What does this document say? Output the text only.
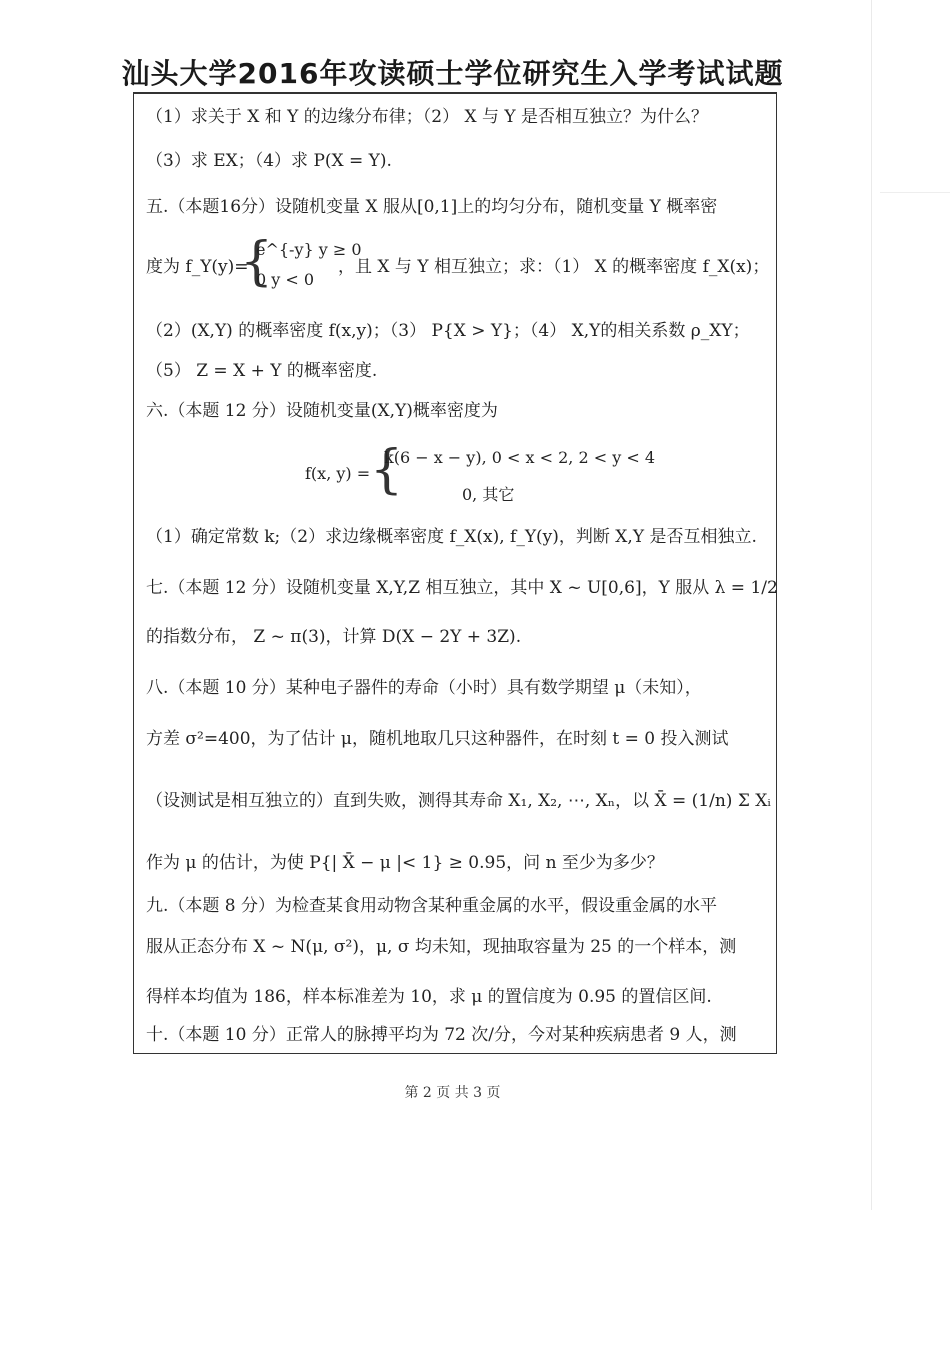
汕头大学2016年攻读硕士学位研究生入学考试试题
（1）求关于 X 和 Y 的边缘分布律；（2） X 与 Y 是否相互独立？为什么？
（3）求 EX；（4）求 P(X = Y).
五.（本题16分）设随机变量 X 服从[0,1]上的均匀分布，随机变量 Y 概率密
度为 f_Y(y)=
{
e^{-y} y ≥ 0
0 y < 0
，且 X 与 Y 相互独立；求：（1） X 的概率密度 f_X(x)；
（2）(X,Y) 的概率密度 f(x,y)；（3） P{X > Y}；（4） X,Y的相关系数 ρ_XY；
（5） Z = X + Y 的概率密度.
六.（本题 12 分）设随机变量(X,Y)概率密度为
f(x, y) = {
k(6 − x − y), 0 < x < 2, 2 < y < 4
0, 其它
（1）确定常数 k;（2）求边缘概率密度 f_X(x), f_Y(y)，判断 X,Y 是否互相独立.
七.（本题 12 分）设随机变量 X,Y,Z 相互独立，其中 X ~ U[0,6]，Y 服从 λ = 1/2
的指数分布， Z ~ π(3)，计算 D(X − 2Y + 3Z).
八.（本题 10 分）某种电子器件的寿命（小时）具有数学期望 μ（未知），
方差 σ²=400，为了估计 μ，随机地取几只这种器件，在时刻 t = 0 投入测试
（设测试是相互独立的）直到失败，测得其寿命 X₁, X₂, ⋯, Xₙ，以 X̄ = (1/n) Σ Xᵢ
作为 μ 的估计，为使 P{| X̄ − μ |< 1} ≥ 0.95，问 n 至少为多少？
九.（本题 8 分）为检查某食用动物含某种重金属的水平，假设重金属的水平
服从正态分布 X ~ N(μ, σ²)，μ, σ 均未知，现抽取容量为 25 的一个样本，测
得样本均值为 186，样本标准差为 10，求 μ 的置信度为 0.95 的置信区间.
十.（本题 10 分）正常人的脉搏平均为 72 次/分，今对某种疾病患者 9 人，测
第 2 页 共 3 页
